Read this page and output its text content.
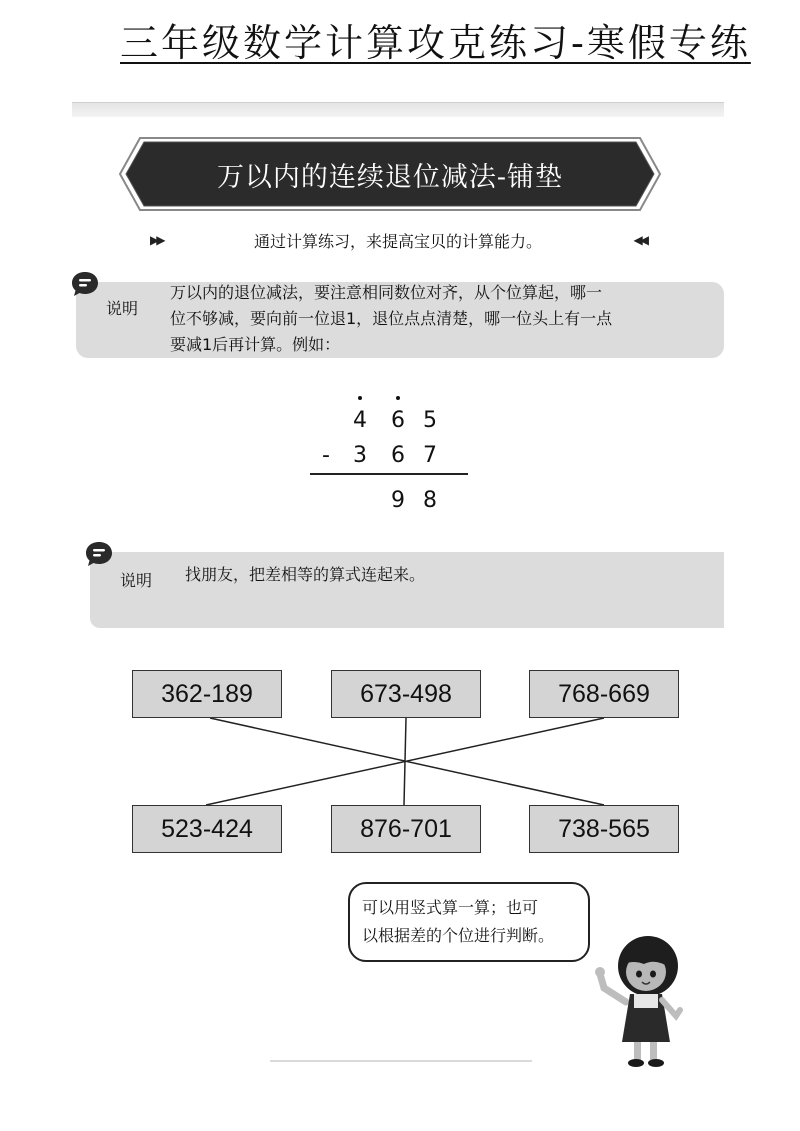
三年级数学计算攻克练习-寒假专练
万以内的连续退位减法-铺垫
▶▶	通过计算练习，来提高宝贝的计算能力。	◀◀
说明
万以内的退位减法，要注意相同数位对齐，从个位算起，哪一
位不够减，要向前一位退1，退位点点清楚，哪一位头上有一点
要减1后再计算。例如：
4 6 5
- 3 6 7
9 8
说明 找朋友，把差相等的算式连起来。
362-189	673-498	768-669
523-424	876-701	738-565
可以用竖式算一算；也可
以根据差的个位进行判断。
